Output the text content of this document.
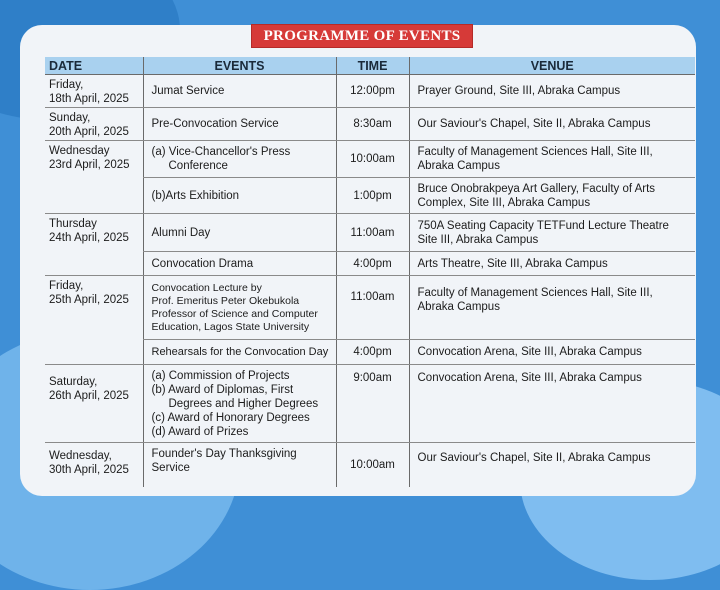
PROGRAMME OF EVENTS
DATE	EVENTS	TIME	VENUE
Friday,
18th April, 2025	Jumat Service	12:00pm	Prayer Ground, Site III, Abraka Campus
Sunday,
20th April, 2025	Pre-Convocation Service	8:30am	Our Saviour's Chapel, Site II, Abraka Campus
Wednesday
23rd April, 2025	(a) Vice-Chancellor's Press
Conference	10:00am	Faculty of Management Sciences Hall, Site III, Abraka Campus
	(b)Arts Exhibition	1:00pm	Bruce Onobrakpeya Art Gallery, Faculty of Arts Complex, Site III, Abraka Campus
Thursday
24th April, 2025	Alumni Day	11:00am	750A Seating Capacity TETFund Lecture Theatre Site III, Abraka Campus
	Convocation Drama	4:00pm	Arts Theatre, Site III, Abraka Campus
Friday,
25th April, 2025	Convocation Lecture by
Prof. Emeritus Peter Okebukola
Professor of Science and Computer
Education, Lagos State University	11:00am	Faculty of Management Sciences Hall, Site III, Abraka Campus
	Rehearsals for the Convocation Day	4:00pm	Convocation Arena, Site III, Abraka Campus
Saturday,
26th April, 2025	(a) Commission of Projects
(b) Award of Diplomas, First
Degrees and Higher Degrees
(c) Award of Honorary Degrees
(d) Award of Prizes	9:00am	Convocation Arena, Site III, Abraka Campus
Wednesday,
30th April, 2025	Founder's Day Thanksgiving
Service	10:00am	Our Saviour's Chapel, Site II, Abraka Campus
